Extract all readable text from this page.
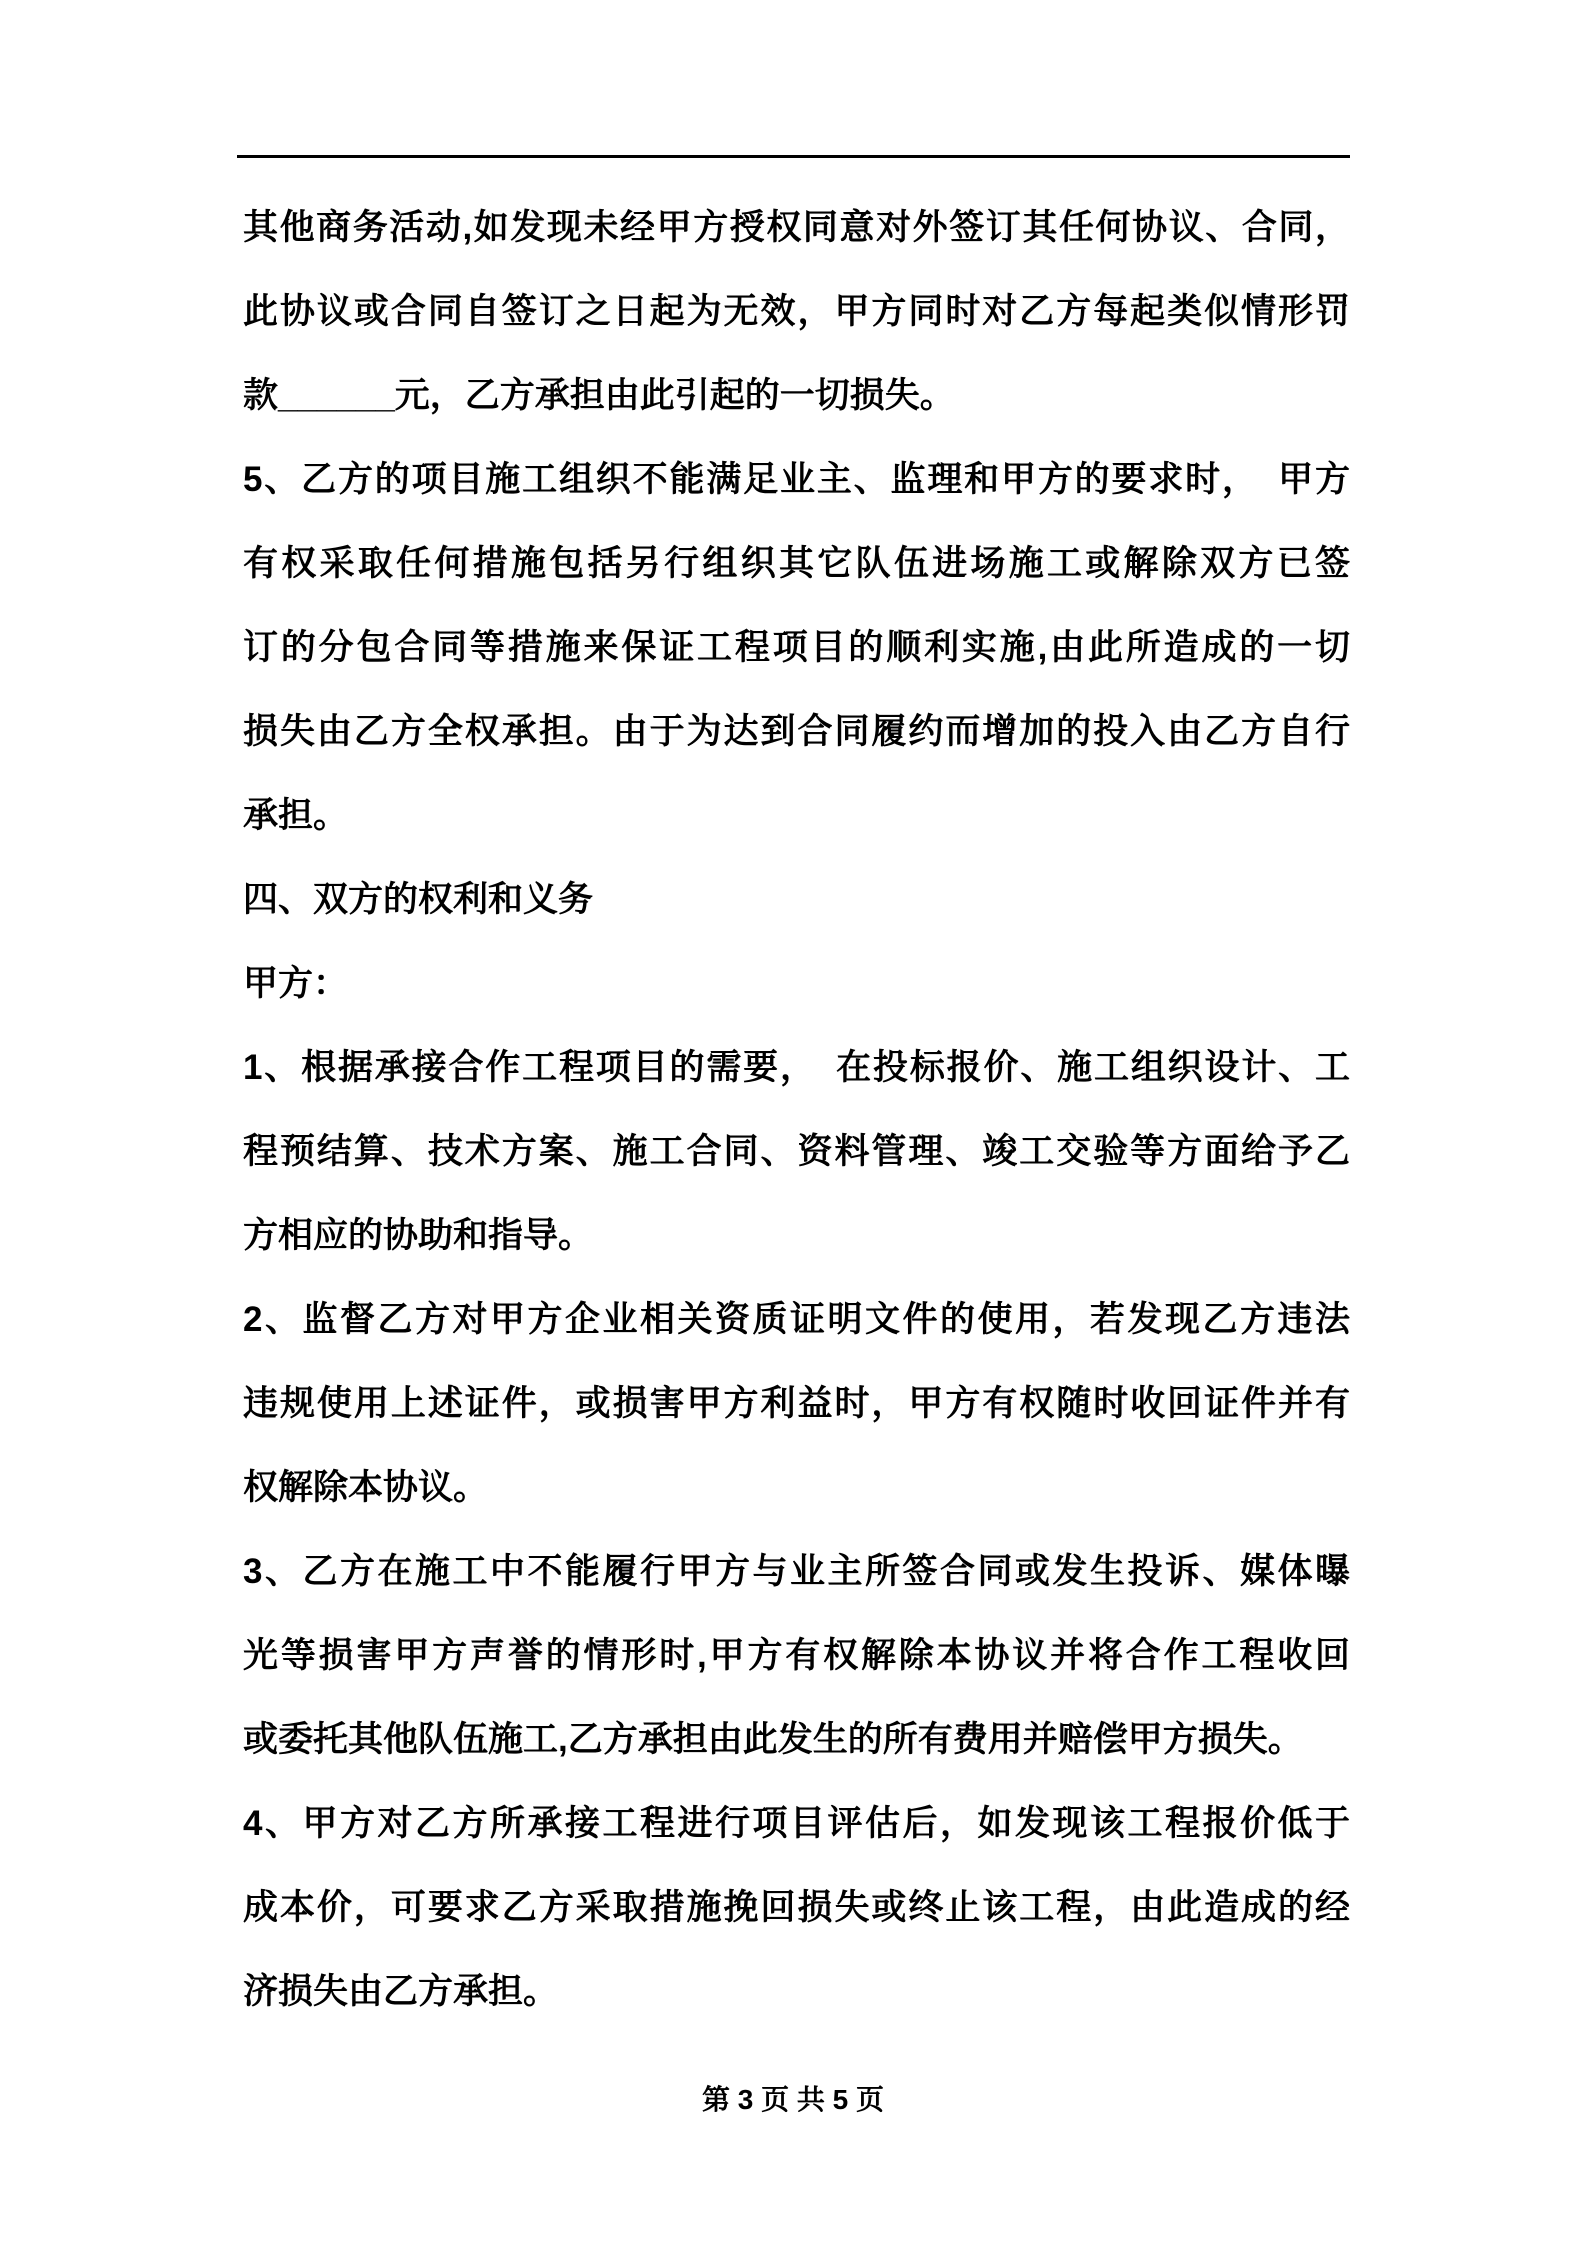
其他商务活动,如发现未经甲方授权同意对外签订其任何协议、合同，
此协议或合同自签订之日起为无效，甲方同时对乙方每起类似情形罚
款______元，乙方承担由此引起的一切损失。
5、乙方的项目施工组织不能满足业主、监理和甲方的要求时，　甲方
有权采取任何措施包括另行组织其它队伍进场施工或解除双方已签
订的分包合同等措施来保证工程项目的顺利实施,由此所造成的一切
损失由乙方全权承担。由于为达到合同履约而增加的投入由乙方自行
承担。
四、双方的权利和义务
甲方：
1、根据承接合作工程项目的需要，　在投标报价、施工组织设计、工
程预结算、技术方案、施工合同、资料管理、竣工交验等方面给予乙
方相应的协助和指导。
2、监督乙方对甲方企业相关资质证明文件的使用，若发现乙方违法
违规使用上述证件，或损害甲方利益时，甲方有权随时收回证件并有
权解除本协议。
3、乙方在施工中不能履行甲方与业主所签合同或发生投诉、媒体曝
光等损害甲方声誉的情形时,甲方有权解除本协议并将合作工程收回
或委托其他队伍施工,乙方承担由此发生的所有费用并赔偿甲方损失。
4、甲方对乙方所承接工程进行项目评估后，如发现该工程报价低于
成本价，可要求乙方采取措施挽回损失或终止该工程，由此造成的经
济损失由乙方承担。
第 3 页 共 5 页
